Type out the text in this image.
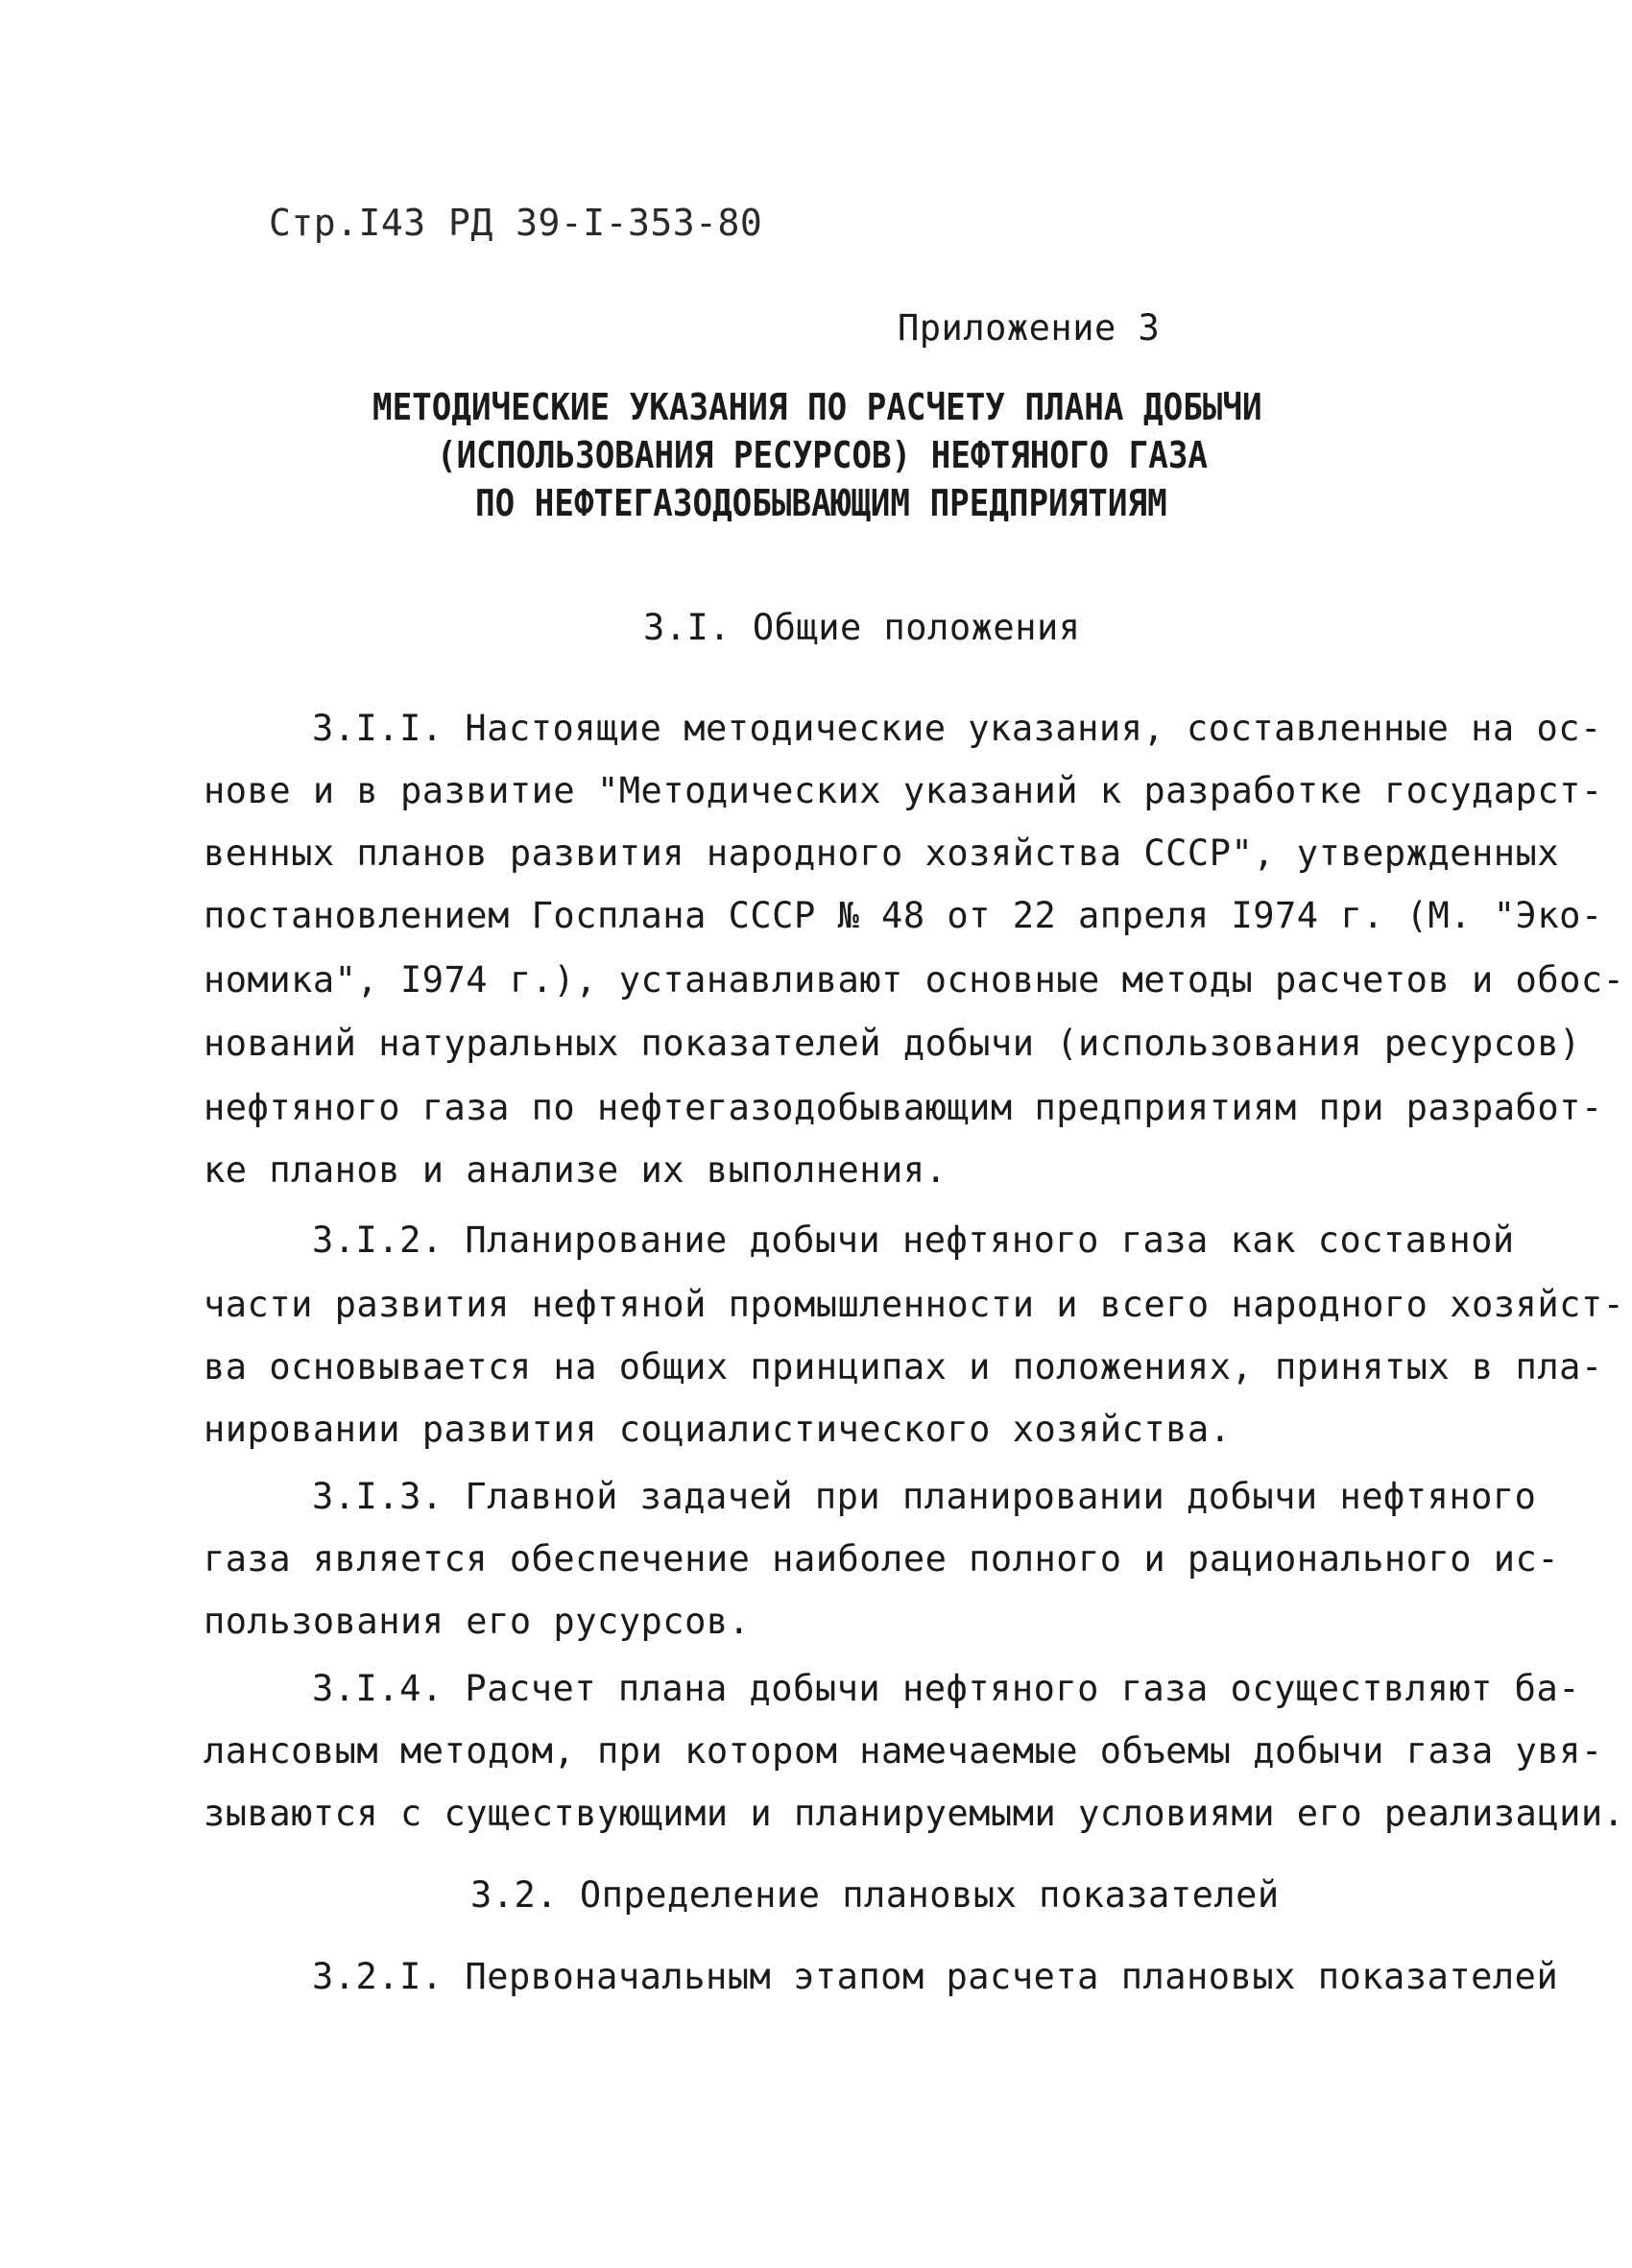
Стр.I43 РД 39-I-353-80
Приложение 3
МЕТОДИЧЕСКИЕ УКАЗАНИЯ ПО РАСЧЕТУ ПЛАНА ДОБЫЧИ
(ИСПОЛЬЗОВАНИЯ РЕСУРСОВ) НЕФТЯНОГО ГАЗА
ПО НЕФТЕГАЗОДОБЫВАЮЩИМ ПРЕДПРИЯТИЯМ
3.I. Общие положения
3.I.I. Настоящие методические указания, составленные на ос-
нове и в развитие "Методических указаний к разработке государст-
венных планов развития народного хозяйства СССР", утвержденных
постановлением Госплана СССР № 48 от 22 апреля I974 г. (М. "Эко-
номика", I974 г.), устанавливают основные методы расчетов и обос-
нований натуральных показателей добычи (использования ресурсов)
нефтяного газа по нефтегазодобывающим предприятиям при разработ-
ке планов и анализе их выполнения.
3.I.2. Планирование добычи нефтяного газа как составной
части развития нефтяной промышленности и всего народного хозяйст-
ва основывается на общих принципах и положениях, принятых в пла-
нировании развития социалистического хозяйства.
3.I.3. Главной задачей при планировании добычи нефтяного
газа является обеспечение наиболее полного и рационального ис-
пользования его русурсов.
3.I.4. Расчет плана добычи нефтяного газа осуществляют ба-
лансовым методом, при котором намечаемые объемы добычи газа увя-
зываются с существующими и планируемыми условиями его реализации.
3.2. Определение плановых показателей
3.2.I. Первоначальным этапом расчета плановых показателей
